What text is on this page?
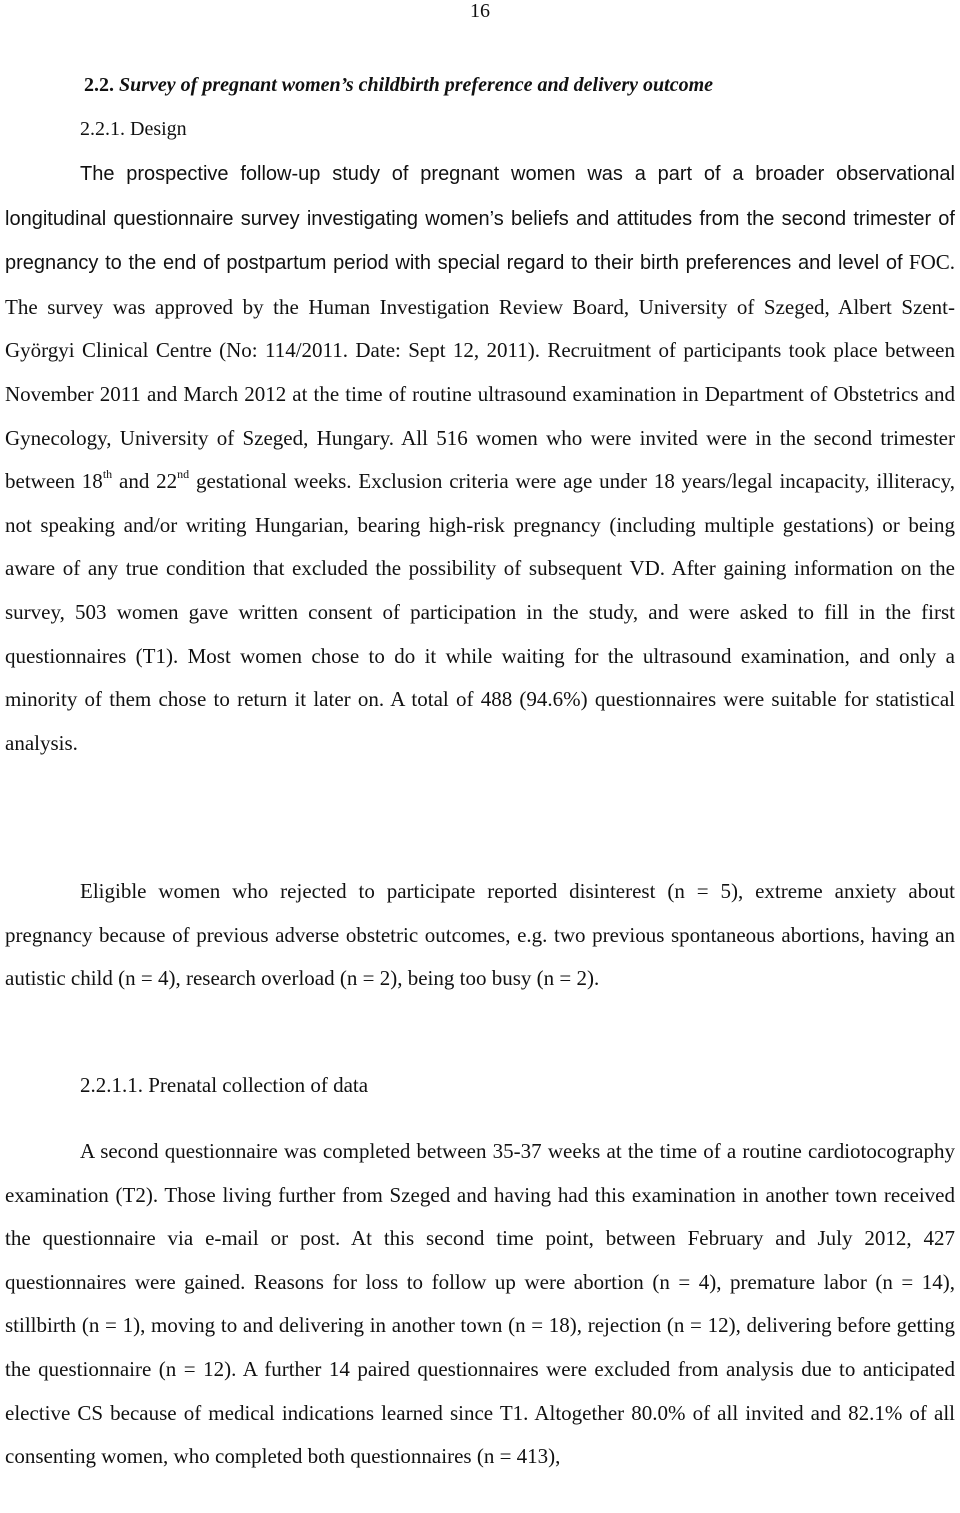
16
2.2. Survey of pregnant women’s childbirth preference and delivery outcome
2.2.1. Design

The prospective follow-up study of pregnant women was a part of a broader observational longitudinal questionnaire survey investigating women’s beliefs and attitudes from the second trimester of pregnancy to the end of postpartum period with special regard to their birth preferences and level of FOC. The survey was approved by the Human Investigation Review Board, University of Szeged, Albert Szent-Györgyi Clinical Centre (No: 114/2011. Date: Sept 12, 2011). Recruitment of participants took place between November 2011 and March 2012 at the time of routine ultrasound examination in Department of Obstetrics and Gynecology, University of Szeged, Hungary. All 516 women who were invited were in the second trimester between 18th and 22nd gestational weeks. Exclusion criteria were age under 18 years/legal incapacity, illiteracy, not speaking and/or writing Hungarian, bearing high-risk pregnancy (including multiple gestations) or being aware of any true condition that excluded the possibility of subsequent VD. After gaining information on the survey, 503 women gave written consent of participation in the study, and were asked to fill in the first questionnaires (T1). Most women chose to do it while waiting for the ultrasound examination, and only a minority of them chose to return it later on. A total of 488 (94.6%) questionnaires were suitable for statistical analysis.

Eligible women who rejected to participate reported disinterest (n = 5), extreme anxiety about pregnancy because of previous adverse obstetric outcomes, e.g. two previous spontaneous abortions, having an autistic child (n = 4), research overload (n = 2), being too busy (n = 2).

2.2.1.1. Prenatal collection of data

A second questionnaire was completed between 35-37 weeks at the time of a routine cardiotocography examination (T2). Those living further from Szeged and having had this examination in another town received the questionnaire via e-mail or post. At this second time point, between February and July 2012, 427 questionnaires were gained. Reasons for loss to follow up were abortion (n = 4), premature labor (n = 14), stillbirth (n = 1), moving to and delivering in another town (n = 18), rejection (n = 12), delivering before getting the questionnaire (n = 12). A further 14 paired questionnaires were excluded from analysis due to anticipated elective CS because of medical indications learned since T1. Altogether 80.0% of all invited and 82.1% of all consenting women, who completed both questionnaires (n = 413),
